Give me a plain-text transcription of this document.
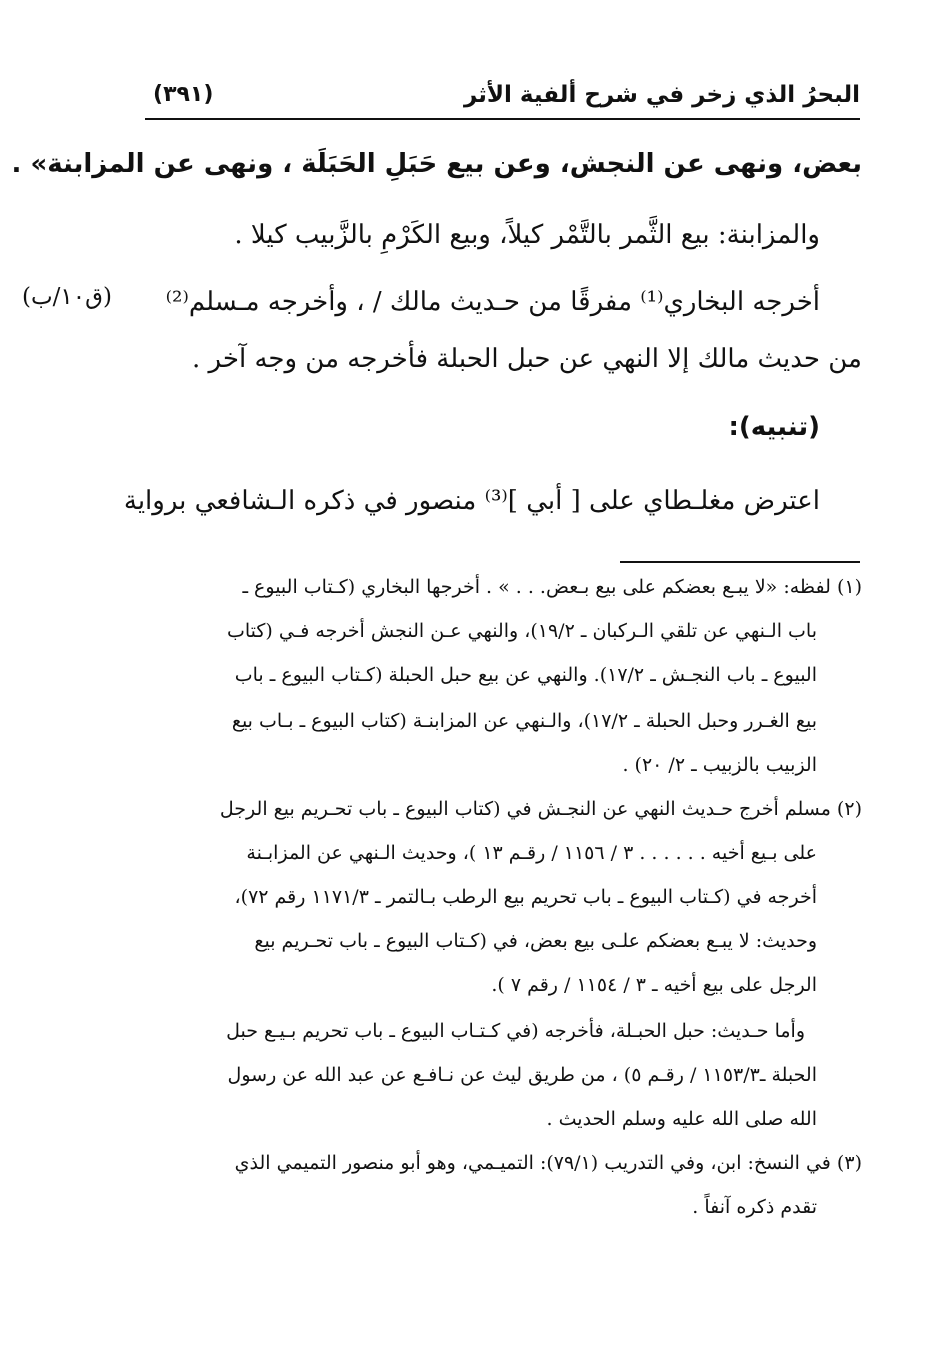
البحرُ الذي زخر في شرح ألفية الأثر
(٣٩١)
(ق١٠/ب)
بعض، ونهى عن النجش، وعن بيع حَبَلِ الحَبَلَة ، ونهى عن المزابنة» .
والمزابنة: بيع الثَّمر بالتَّمْر كيلاً، وبيع الكَرْمِ بالزَّبيب كيلا .
أخرجه البخاري⁽¹⁾ مفرقًا من حـديث مالك / ، وأخرجه مـسلم⁽²⁾
من حديث مالك إلا النهي عن حبل الحبلة فأخرجه من وجه آخر .
(تنبيه):
اعترض مغلـطاي على [ أبي ]⁽³⁾ منصور في ذكره الـشافعي برواية
(١) لفظه: «لا يبـع بعضكم على بيع بـعض. . . » . أخرجها البخاري (كـتاب البيوع ـ
باب الـنهي عن تلقي الـركبان ـ ١٩/٢)، والنهي عـن النجش أخرجه فـي (كتاب
البيوع ـ باب النجـش ـ ١٧/٢). والنهي عن بيع حبل الحبلة (كـتاب البيوع ـ باب
بيع الغـرر وحبل الحبلة ـ ١٧/٢)، والـنهي عن المزابنـة (كتاب البيوع ـ بـاب بيع
الزبيب بالزبيب ـ ٢/ ٢٠) .
(٢) مسلم أخرج حـديث النهي عن النجـش في (كتاب البيوع ـ باب تحـريم بيع الرجل
على بـيع أخيه . . . . . . ٣ / ١١٥٦ / رقـم ١٣ )، وحديث الـنهي عن المزابـنة
أخرجه في (كـتاب البيوع ـ باب تحريم بيع الرطب بـالتمر ـ ١١٧١/٣ رقم ٧٢)،
وحديث: لا يبـع بعضكم علـى بيع بعض، في (كـتاب البيوع ـ باب تحـريم بيع
الرجل على بيع أخيه ـ ٣ / ١١٥٤ / رقم ٧ ).
وأما حـديث: حبل الحبـلة، فأخرجه (في كـتـاب البيوع ـ باب تحريم بـيـع حبل
الحبلة ـ١١٥٣/٣ / رقـم ٥) ، من طريق ليث عن نـافـع عن عبد الله عن رسول
الله صلى الله عليه وسلم الحديث .
(٣) في النسخ: ابن، وفي التدريب (٧٩/١): التميـمي، وهو أبو منصور التميمي الذي
تقدم ذكره آنفاً .
